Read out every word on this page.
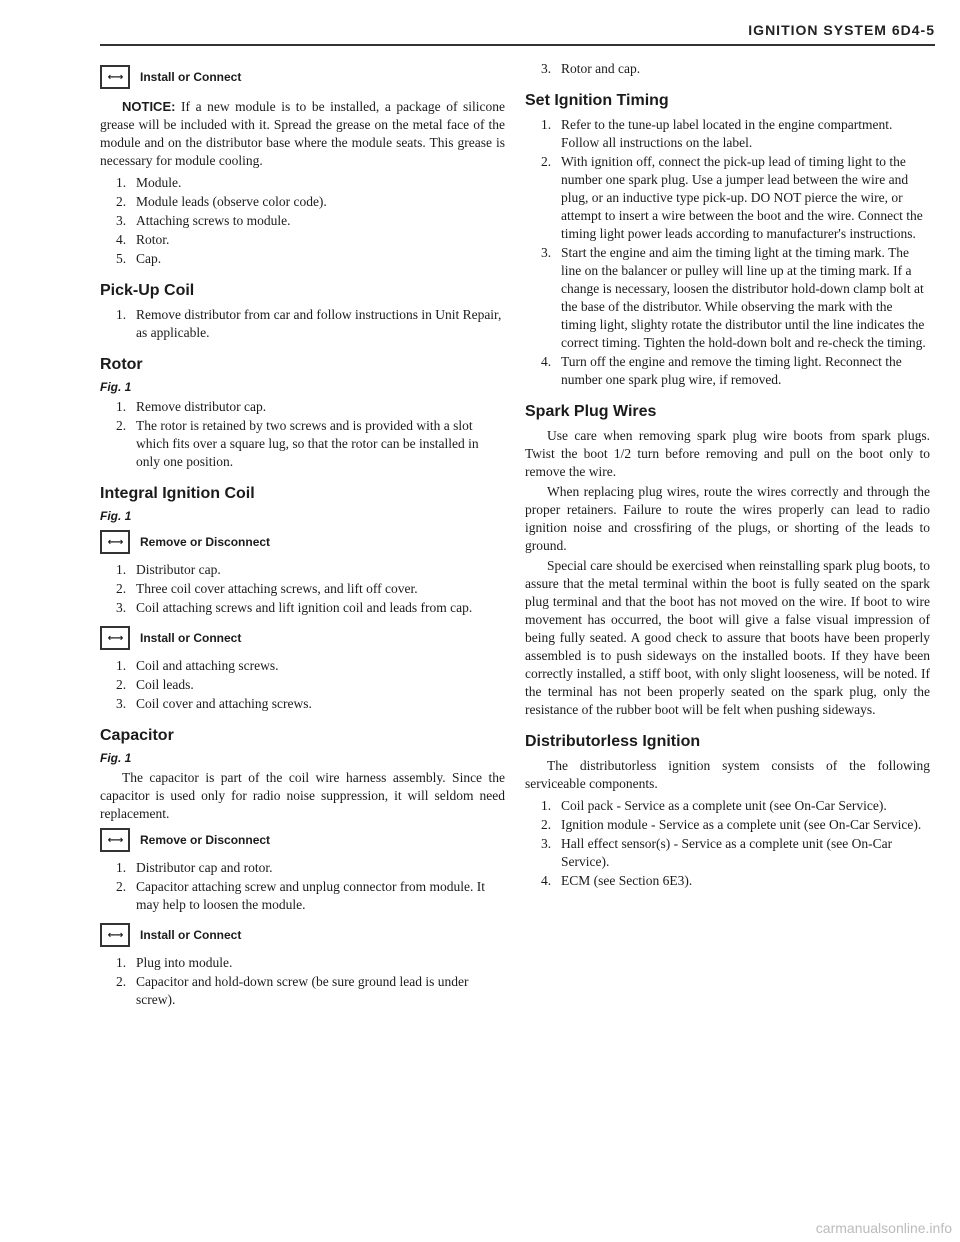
IGNITION SYSTEM 6D4-5
←→	Install or Connect

NOTICE: If a new module is to be installed, a package of silicone grease will be included with it. Spread the grease on the metal face of the module and on the distributor base where the module seats. This grease is necessary for module cooling.

1. Module.
2. Module leads (observe color code).
3. Attaching screws to module.
4. Rotor.
5. Cap.
Pick-Up Coil
1. Remove distributor from car and follow instructions in Unit Repair, as applicable.
Rotor
Fig. 1
1. Remove distributor cap.
2. The rotor is retained by two screws and is provided with a slot which fits over a square lug, so that the rotor can be installed in only one position.
Integral Ignition Coil
Fig. 1
←→	Remove or Disconnect
1. Distributor cap.
2. Three coil cover attaching screws, and lift off cover.
3. Coil attaching screws and lift ignition coil and leads from cap.
←→	Install or Connect
1. Coil and attaching screws.
2. Coil leads.
3. Coil cover and attaching screws.
Capacitor
Fig. 1

The capacitor is part of the coil wire harness assembly. Since the capacitor is used only for radio noise suppression, it will seldom need replacement.

←→	Remove or Disconnect
1. Distributor cap and rotor.
2. Capacitor attaching screw and unplug connector from module. It may help to loosen the module.
←→	Install or Connect
1. Plug into module.
2. Capacitor and hold-down screw (be sure ground lead is under screw).
3. Rotor and cap.
Set Ignition Timing
1. Refer to the tune-up label located in the engine compartment. Follow all instructions on the label.
2. With ignition off, connect the pick-up lead of timing light to the number one spark plug. Use a jumper lead between the wire and plug, or an inductive type pick-up. DO NOT pierce the wire, or attempt to insert a wire between the boot and the wire. Connect the timing light power leads according to manufacturer's instructions.
3. Start the engine and aim the timing light at the timing mark. The line on the balancer or pulley will line up at the timing mark. If a change is necessary, loosen the distributor hold-down clamp bolt at the base of the distributor. While observing the mark with the timing light, slighty rotate the distributor until the line indicates the correct timing. Tighten the hold-down bolt and re-check the timing.
4. Turn off the engine and remove the timing light. Reconnect the number one spark plug wire, if removed.
Spark Plug Wires

Use care when removing spark plug wire boots from spark plugs. Twist the boot 1/2 turn before removing and pull on the boot only to remove the wire.

When replacing plug wires, route the wires correctly and through the proper retainers. Failure to route the wires properly can lead to radio ignition noise and crossfiring of the plugs, or shorting of the leads to ground.

Special care should be exercised when reinstalling spark plug boots, to assure that the metal terminal within the boot is fully seated on the spark plug terminal and that the boot has not moved on the wire. If boot to wire movement has occurred, the boot will give a false visual impression of being fully seated. A good check to assure that boots have been properly assembled is to push sideways on the installed boots. If they have been correctly installed, a stiff boot, with only slight looseness, will be noted. If the terminal has not been properly seated on the spark plug, only the resistance of the rubber boot will be felt when pushing sideways.

Distributorless Ignition

The distributorless ignition system consists of the following serviceable components.

1. Coil pack - Service as a complete unit (see On-Car Service).
2. Ignition module - Service as a complete unit (see On-Car Service).
3. Hall effect sensor(s) - Service as a complete unit (see On-Car Service).
4. ECM (see Section 6E3).
carmanualsonline.info
